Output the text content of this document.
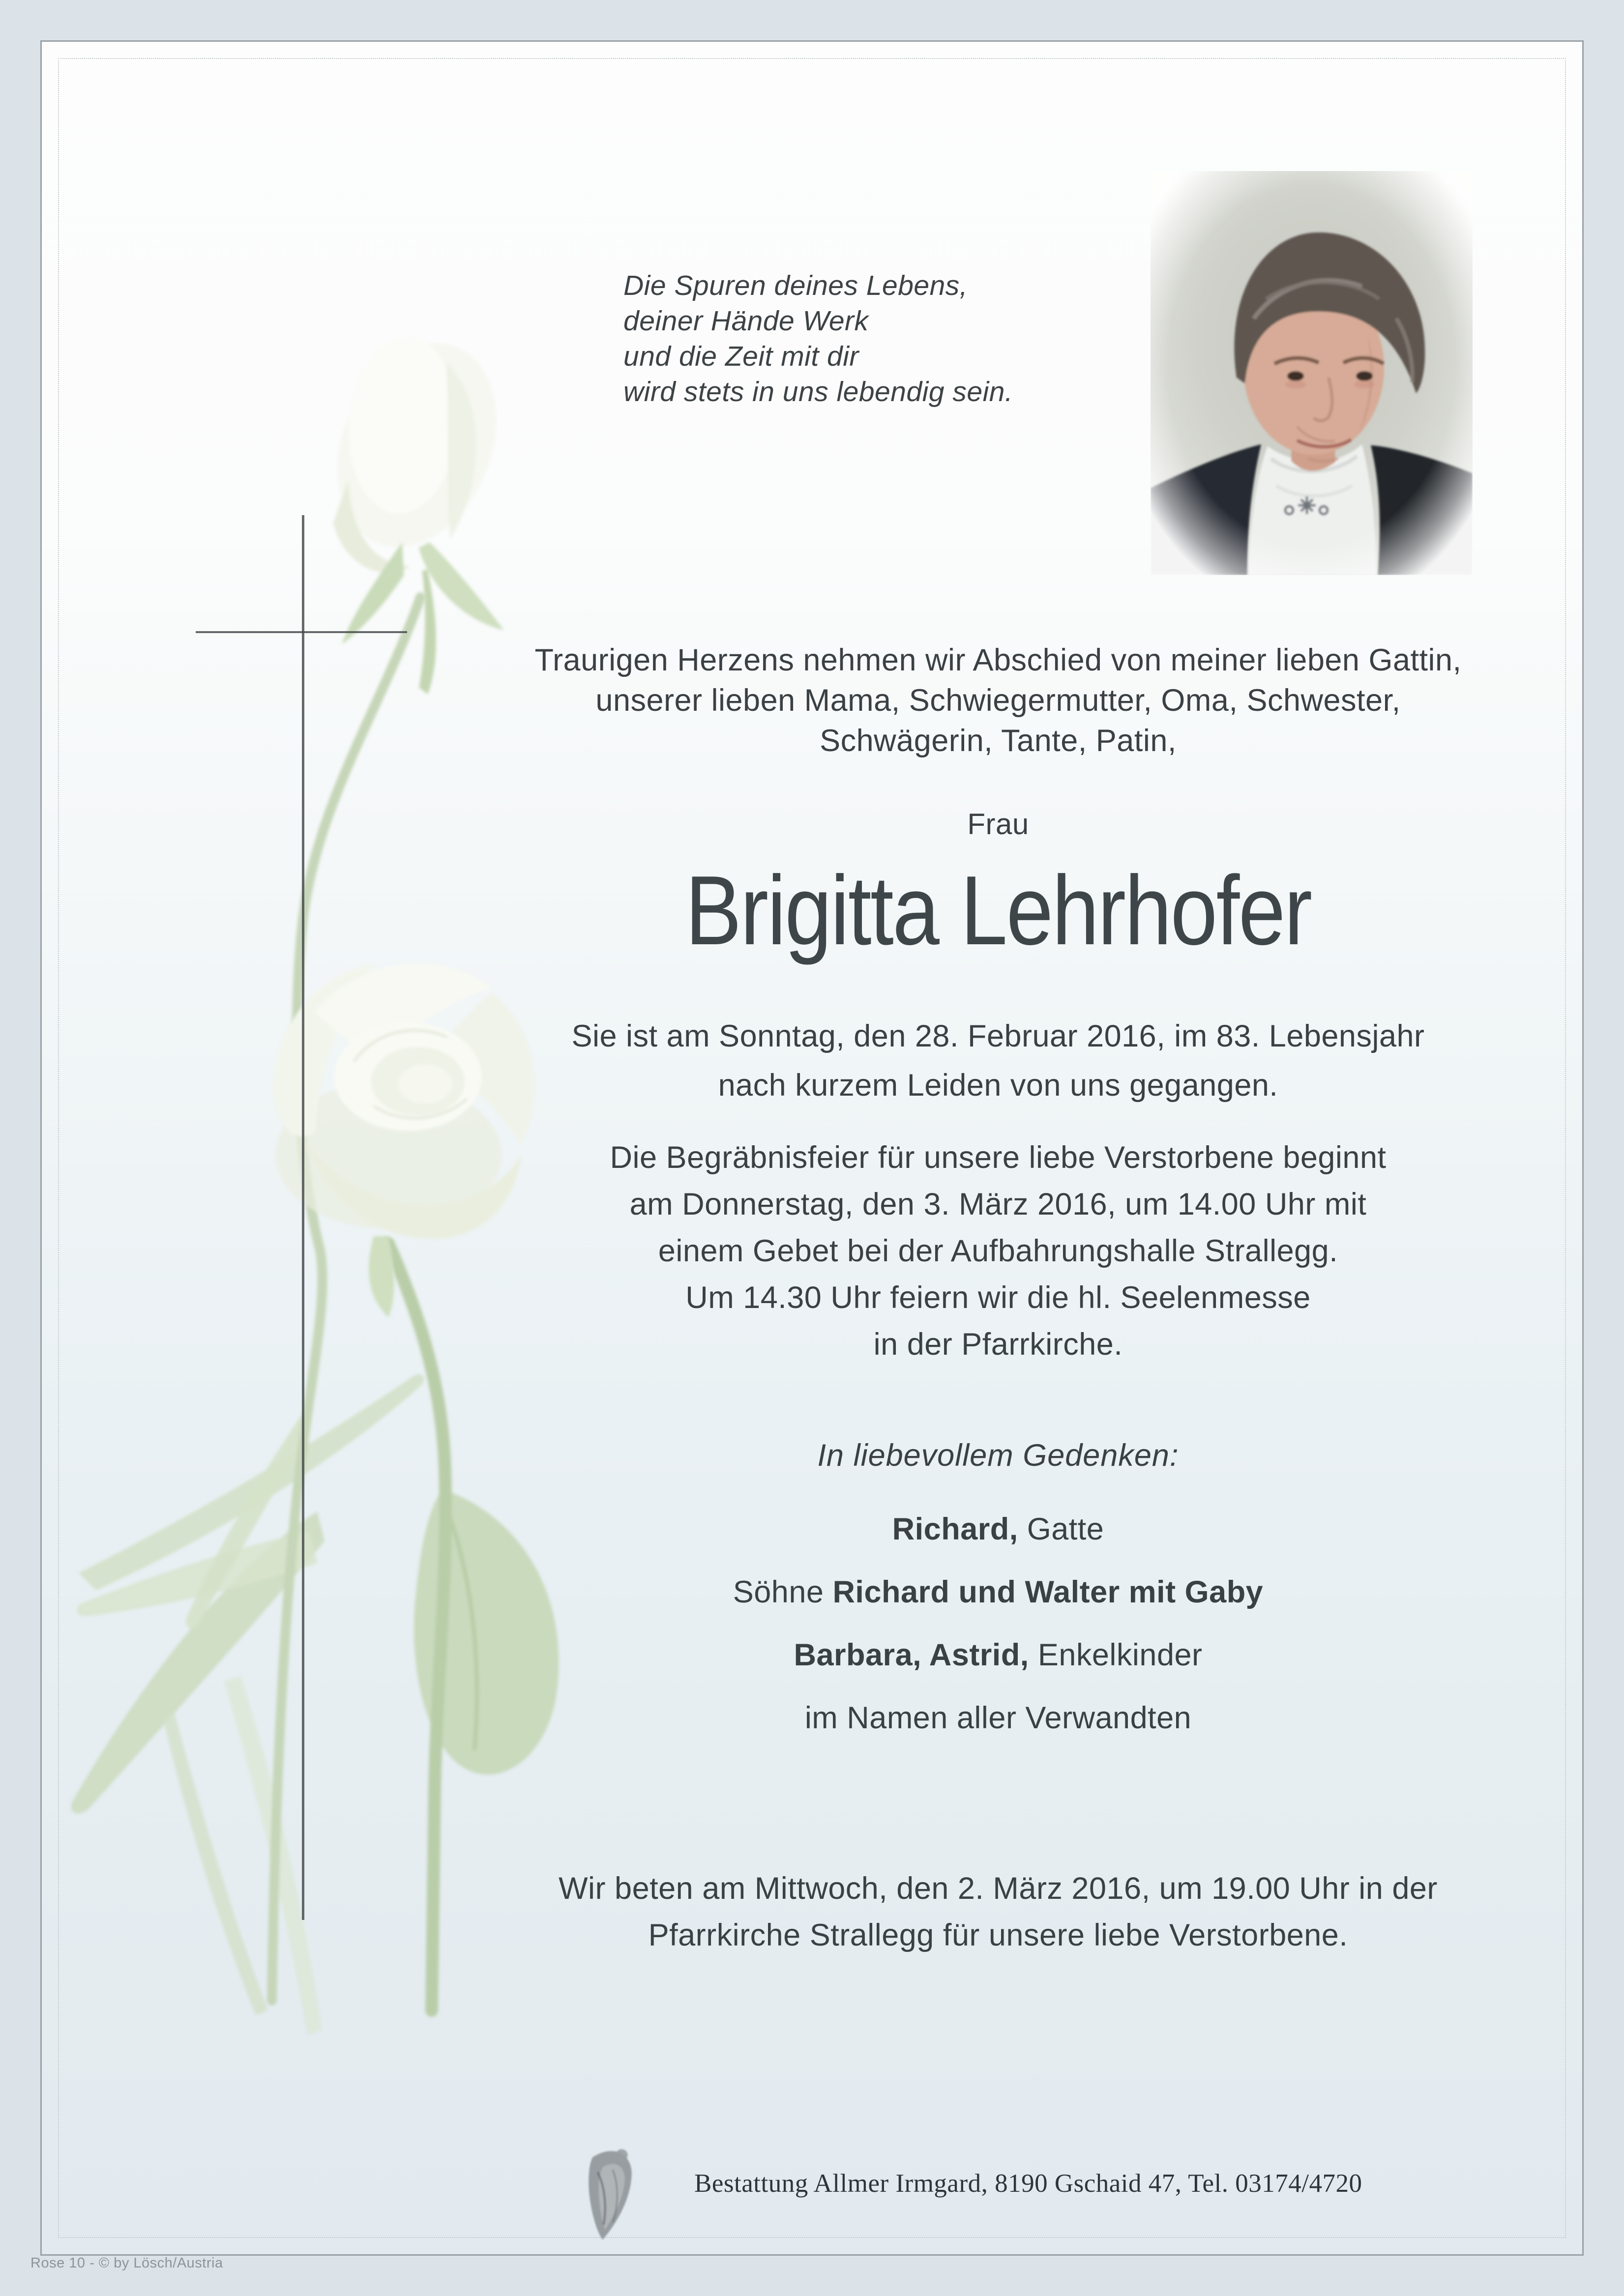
Die Spuren deines Lebens,
deiner Hände Werk
und die Zeit mit dir
wird stets in uns lebendig sein.
Traurigen Herzens nehmen wir Abschied von meiner lieben Gattin,
unserer lieben Mama, Schwiegermutter, Oma, Schwester,
Schwägerin, Tante, Patin,
Frau
Brigitta Lehrhofer
Sie ist am Sonntag, den 28. Februar 2016, im 83. Lebensjahr
nach kurzem Leiden von uns gegangen.
Die Begräbnisfeier für unsere liebe Verstorbene beginnt
am Donnerstag, den 3. März 2016, um 14.00 Uhr mit
einem Gebet bei der Aufbahrungshalle Strallegg.
Um 14.30 Uhr feiern wir die hl. Seelenmesse
in der Pfarrkirche.
In liebevollem Gedenken:
Richard, Gatte
Söhne Richard und Walter mit Gaby
Barbara, Astrid, Enkelkinder
im Namen aller Verwandten
Wir beten am Mittwoch, den 2. März 2016, um 19.00 Uhr in der
Pfarrkirche Strallegg für unsere liebe Verstorbene.
Bestattung Allmer Irmgard, 8190 Gschaid 47, Tel. 03174/4720
Rose 10 - © by Lösch/Austria
